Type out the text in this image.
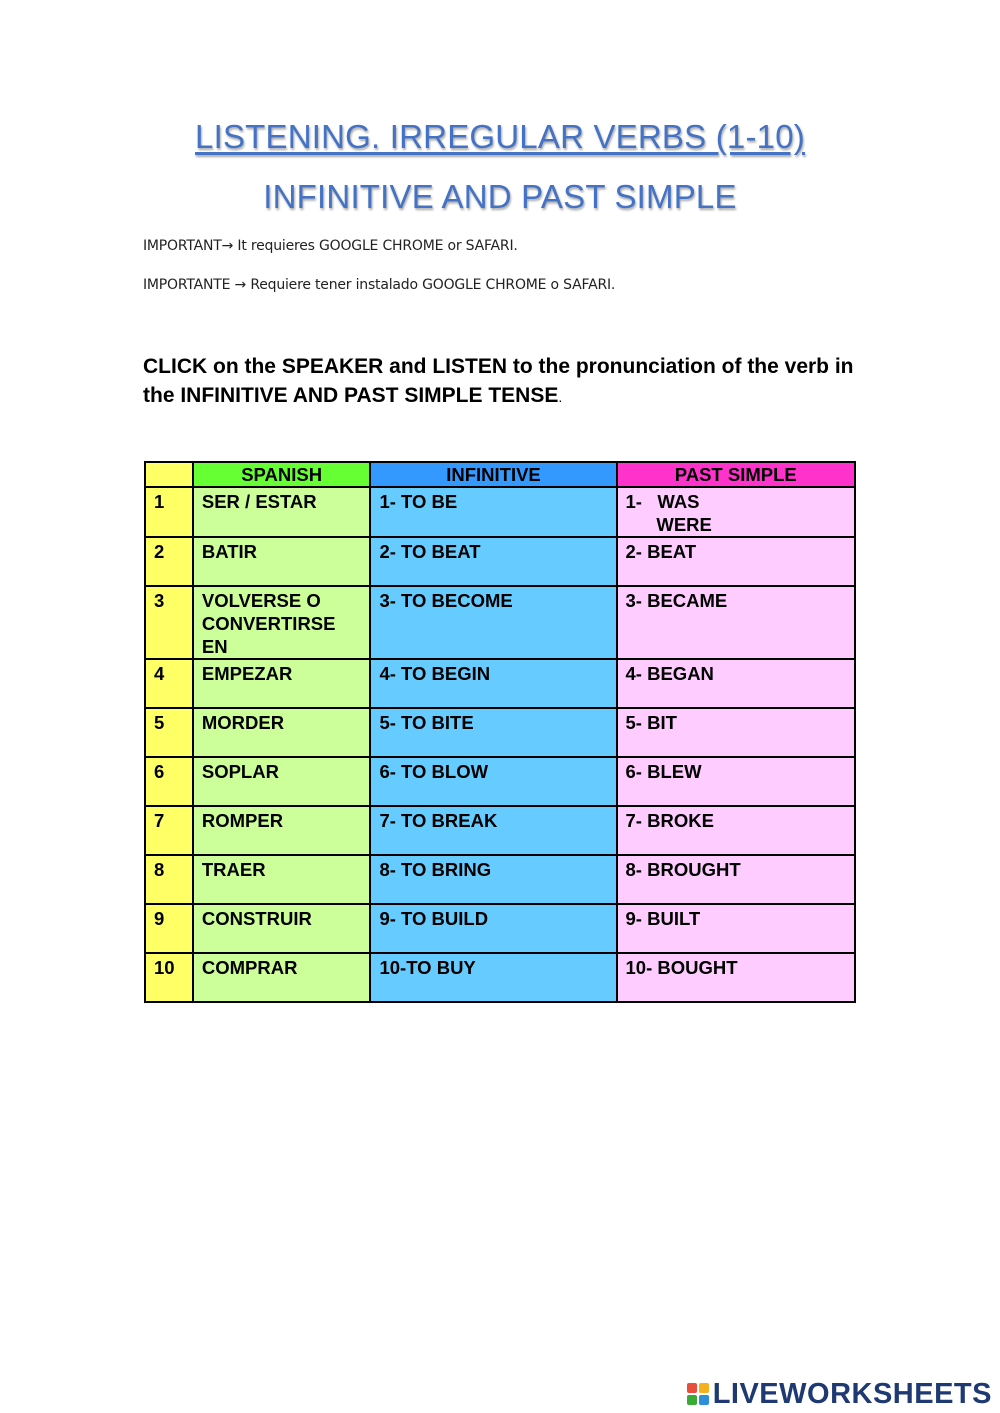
LISTENING. IRREGULAR VERBS (1-10)
INFINITIVE AND PAST SIMPLE
IMPORTANT→ It requieres GOOGLE CHROME or SAFARI.
IMPORTANTE → Requiere tener instalado GOOGLE CHROME o SAFARI.
CLICK on the SPEAKER and LISTEN to the pronunciation of the verb in the INFINITIVE AND PAST SIMPLE TENSE.
	SPANISH	INFINITIVE	PAST SIMPLE
1	SER / ESTAR	1- TO BE	1-   WAS
WERE
2	BATIR	2- TO BEAT	2- BEAT
3	VOLVERSE O CONVERTIRSE EN	3- TO BECOME	3- BECAME
4	EMPEZAR	4- TO BEGIN	4- BEGAN
5	MORDER	5- TO BITE	5- BIT
6	SOPLAR	6- TO BLOW	6- BLEW
7	ROMPER	7- TO BREAK	7- BROKE
8	TRAER	8- TO BRING	8- BROUGHT
9	CONSTRUIR	9- TO BUILD	9- BUILT
10	COMPRAR	10-TO BUY	10- BOUGHT
LIVEWORKSHEETS
